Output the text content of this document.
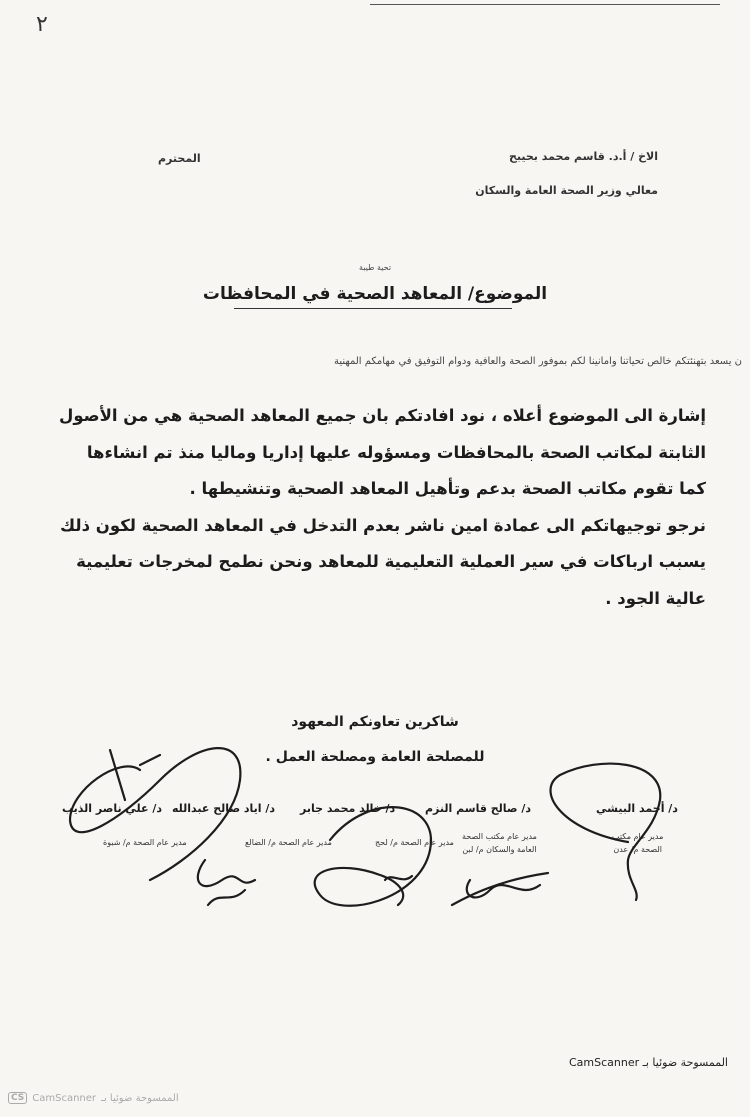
٢
الاخ / أ.د. قاسم محمد بحيبح
معالي وزير الصحة العامة والسكان
المحترم
تحية طيبة
الموضوع/ المعاهد الصحية في المحافظات
ن يسعد بتهنئتكم خالص تحياتنا وامانينا لكم بموفور الصحة والعافية ودوام التوفيق في مهامكم المهنية

إشارة الى الموضوع أعلاه ، نود افادتكم بان جميع المعاهد الصحية هي من الأصول الثابتة لمكاتب الصحة بالمحافظات ومسؤوله عليها إداريا وماليا منذ تم انشاءها كما تقوم مكاتب الصحة بدعم وتأهيل المعاهد الصحية وتنشيطها .

نرجو توجيهاتكم الى عمادة امين ناشر بعدم التدخل في المعاهد الصحية لكون ذلك يسبب ارباكات في سير العملية التعليمية للمعاهد ونحن نطمح لمخرجات تعليمية عالية الجود .

شاكرين تعاونكم المعهود
للمصلحة العامة ومصلحة العمل .
د/ أحمد البيشي
د/ صالح قاسم النزم
د/ خالد محمد جابر
د/ اياد صالح عبدالله
د/ علي ناصر الذيب
مدير عام مكتب
الصحة م/ عدن
مدير عام مكتب الصحة
العامة والسكان م/ لبن
مدير عام الصحة م/ لحج
مدير عام الصحة م/ الضالع
مدير عام الصحة م/ شبوة
الممسوحة ضوئيا بـ CamScanner
CS CamScanner الممسوحة ضوئيا بـ
